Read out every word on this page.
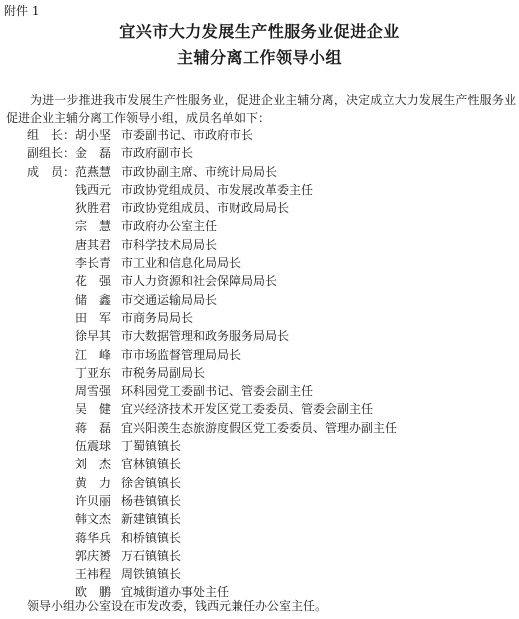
附件 1
宜兴市大力发展生产性服务业促进企业
主辅分离工作领导小组

为进一步推进我市发展生产性服务业，促进企业主辅分离，决定成立大力发展生产性服务业促进企业主辅分离工作领导小组，成员名单如下：

组　长： 胡小坚 市委副书记、市政府市长
副组长： 金　磊 市政府副市长
成　员： 范燕慧 市政协副主席、市统计局局长
钱西元 市政协党组成员、市发展改革委主任
狄胜君 市政协党组成员、市财政局局长
宗　慧 市政府办公室主任
唐其君 市科学技术局局长
李长青 市工业和信息化局局长
花　强 市人力资源和社会保障局局长
储　鑫 市交通运输局局长
田　军 市商务局局长
徐早其 市大数据管理和政务服务局局长
江　峰 市市场监督管理局局长
丁亚东 市税务局副局长
周雪强 环科园党工委副书记、管委会副主任
吴　健 宜兴经济技术开发区党工委委员、管委会副主任
蒋　磊 宜兴阳羡生态旅游度假区党工委委员、管理办副主任
伍震球 丁蜀镇镇长
刘　杰 官林镇镇长
黄　力 徐舍镇镇长
许贝丽 杨巷镇镇长
韩文杰 新建镇镇长
蒋华兵 和桥镇镇长
郭庆赟 万石镇镇长
王袆程 周铁镇镇长
欧　鹏 宜城街道办事处主任
领导小组办公室设在市发改委，钱西元兼任办公室主任。
